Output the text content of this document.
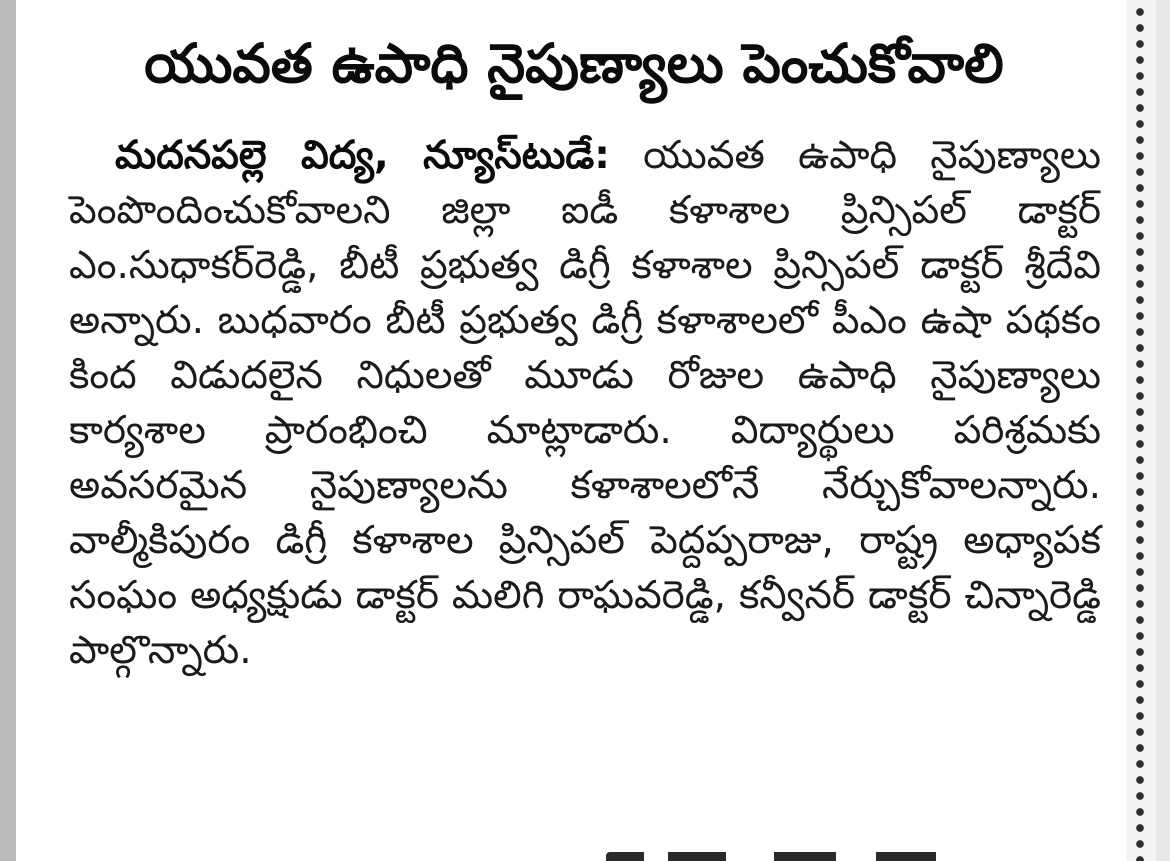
యువత ఉపాధి నైపుణ్యాలు పెంచుకోవాలి

మదనపల్లె విద్య, న్యూస్‌టుడే: యువత ఉపాధి నైపుణ్యాలు పెంపొందించుకోవాలని జిల్లా ఐడీ కళాశాల ప్రిన్సిపల్ డాక్టర్ ఎం.సుధాకర్‌రెడ్డి, బీటీ ప్రభుత్వ డిగ్రీ కళాశాల ప్రిన్సిపల్ డాక్టర్ శ్రీదేవి అన్నారు. బుధవారం బీటీ ప్రభుత్వ డిగ్రీ కళాశాలలో పీఎం ఉషా పథకం కింద విడుదలైన నిధులతో మూడు రోజుల ఉపాధి నైపుణ్యాలు కార్యశాల ప్రారంభించి మాట్లాడారు. విద్యార్థులు పరిశ్రమకు అవసరమైన నైపుణ్యాలను కళాశాలలోనే నేర్చుకోవాలన్నారు. వాల్మీకిపురం డిగ్రీ కళాశాల ప్రిన్సిపల్ పెద్దప్పరాజు, రాష్ట్ర అధ్యాపక సంఘం అధ్యక్షుడు డాక్టర్ మలిగి రాఘవరెడ్డి, కన్వీనర్ డాక్టర్ చిన్నారెడ్డి పాల్గొన్నారు.
